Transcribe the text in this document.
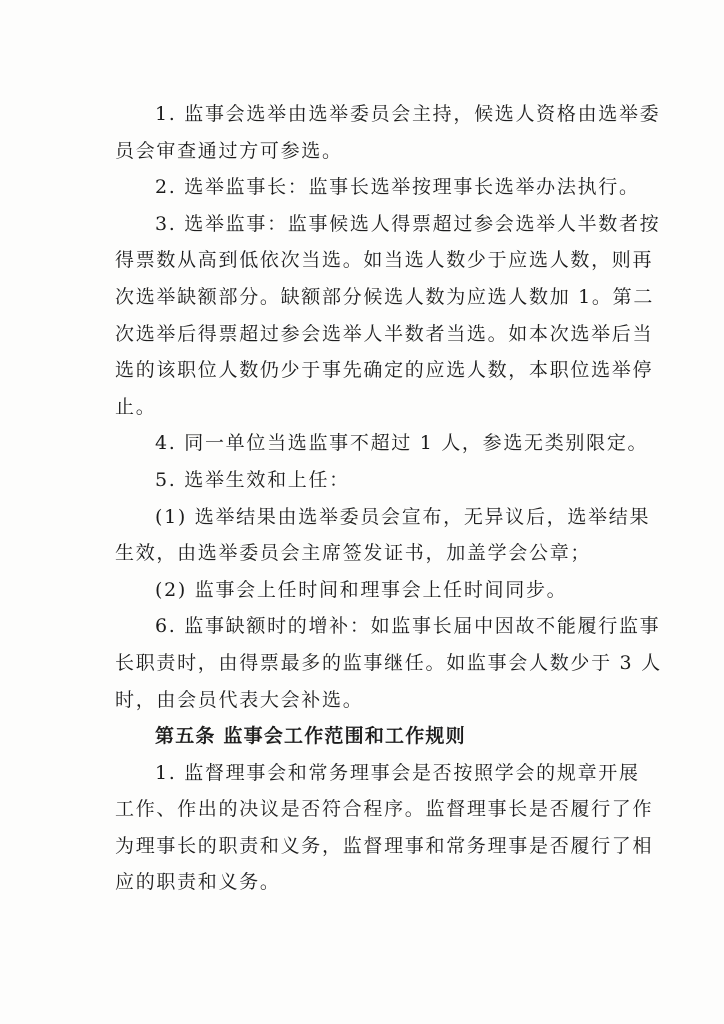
1. 监事会选举由选举委员会主持，候选人资格由选举委
员会审查通过方可参选。
2. 选举监事长：监事长选举按理事长选举办法执行。
3. 选举监事：监事候选人得票超过参会选举人半数者按
得票数从高到低依次当选。如当选人数少于应选人数，则再
次选举缺额部分。缺额部分候选人数为应选人数加 1。第二
次选举后得票超过参会选举人半数者当选。如本次选举后当
选的该职位人数仍少于事先确定的应选人数，本职位选举停
止。
4. 同一单位当选监事不超过 1 人，参选无类别限定。
5. 选举生效和上任：
(1) 选举结果由选举委员会宣布，无异议后，选举结果
生效，由选举委员会主席签发证书，加盖学会公章；
(2) 监事会上任时间和理事会上任时间同步。
6. 监事缺额时的增补：如监事长届中因故不能履行监事
长职责时，由得票最多的监事继任。如监事会人数少于 3 人
时，由会员代表大会补选。
第五条 监事会工作范围和工作规则
1. 监督理事会和常务理事会是否按照学会的规章开展
工作、作出的决议是否符合程序。监督理事长是否履行了作
为理事长的职责和义务，监督理事和常务理事是否履行了相
应的职责和义务。
